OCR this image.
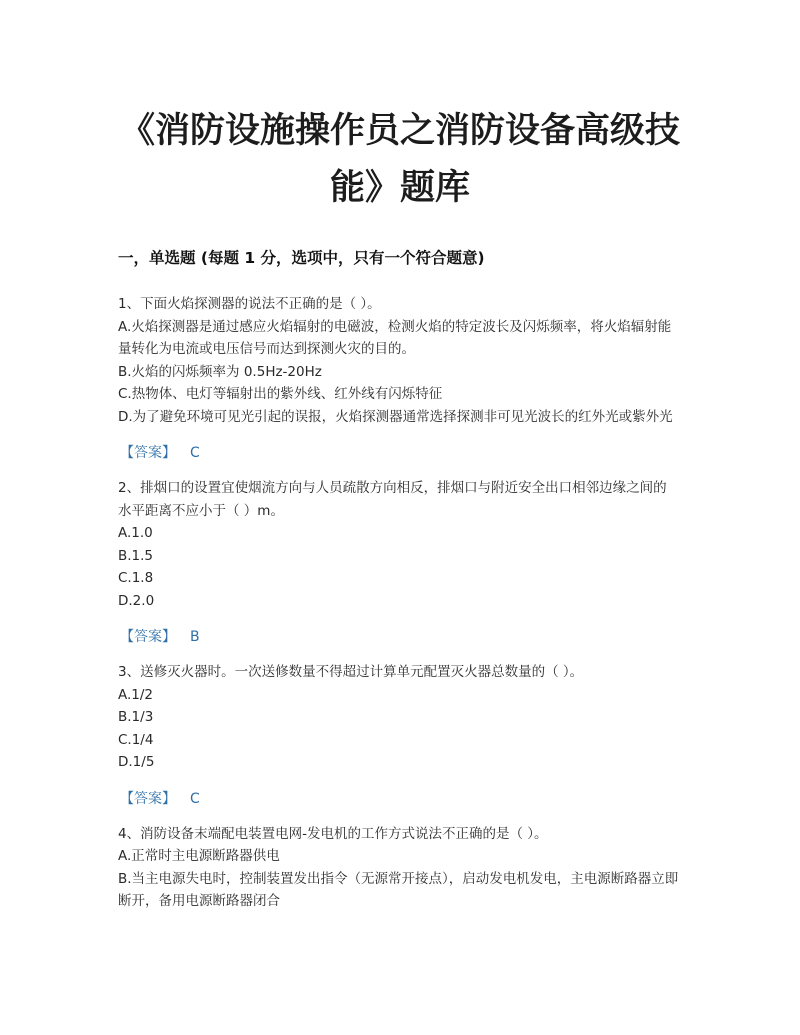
《消防设施操作员之消防设备高级技能》题库
一，单选题 (每题 1 分，选项中，只有一个符合题意)
1、下面火焰探测器的说法不正确的是（ ）。
A.火焰探测器是通过感应火焰辐射的电磁波，检测火焰的特定波长及闪烁频率，将火焰辐射能量转化为电流或电压信号而达到探测火灾的目的。
B.火焰的闪烁频率为 0.5Hz-20Hz
C.热物体、电灯等辐射出的紫外线、红外线有闪烁特征
D.为了避免环境可见光引起的误报，火焰探测器通常选择探测非可见光波长的红外光或紫外光
【答案】 C
2、排烟口的设置宜使烟流方向与人员疏散方向相反，排烟口与附近安全出口相邻边缘之间的水平距离不应小于（ ）m。
A.1.0
B.1.5
C.1.8
D.2.0
【答案】 B
3、送修灭火器时。一次送修数量不得超过计算单元配置灭火器总数量的（ ）。
A.1/2
B.1/3
C.1/4
D.1/5
【答案】 C
4、消防设备末端配电装置电网-发电机的工作方式说法不正确的是（ ）。
A.正常时主电源断路器供电
B.当主电源失电时，控制装置发出指令（无源常开接点），启动发电机发电，主电源断路器立即断开，备用电源断路器闭合
